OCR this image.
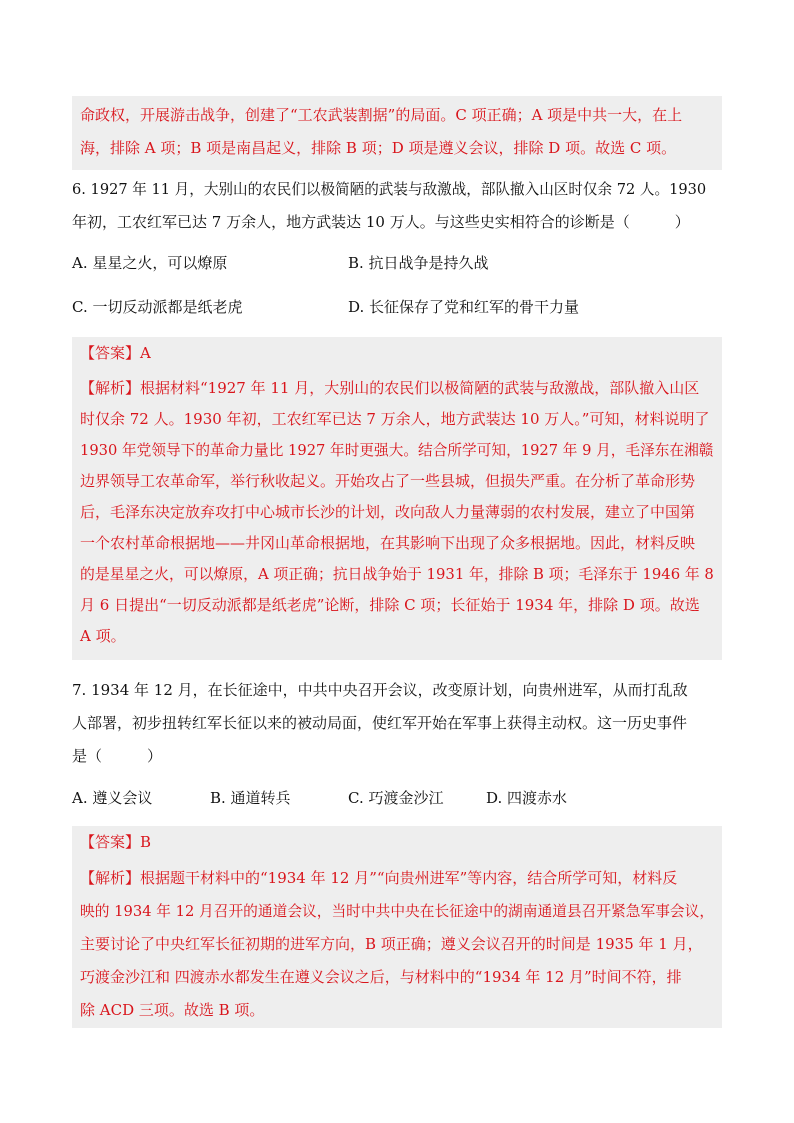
命政权，开展游击战争，创建了“工农武装割据”的局面。C 项正确；A 项是中共一大，在上
海，排除 A 项；B 项是南昌起义，排除 B 项；D 项是遵义会议，排除 D 项。故选 C 项。
6. 1927 年 11 月，大别山的农民们以极简陋的武装与敌激战，部队撤入山区时仅余 72 人。1930
年初，工农红军已达 7 万余人，地方武装达 10 万人。与这些史实相符合的诊断是（　　　）
A. 星星之火，可以燎原	B. 抗日战争是持久战
C. 一切反动派都是纸老虎	D. 长征保存了党和红军的骨干力量
【答案】A
【解析】根据材料“1927 年 11 月，大别山的农民们以极简陋的武装与敌激战，部队撤入山区
时仅余 72 人。1930 年初，工农红军已达 7 万余人，地方武装达 10 万人。”可知，材料说明了
1930 年党领导下的革命力量比 1927 年时更强大。结合所学可知，1927 年 9 月，毛泽东在湘赣
边界领导工农革命军，举行秋收起义。开始攻占了一些县城，但损失严重。在分析了革命形势
后，毛泽东决定放弃攻打中心城市长沙的计划，改向敌人力量薄弱的农村发展，建立了中国第
一个农村革命根据地——井冈山革命根据地，在其影响下出现了众多根据地。因此，材料反映
的是星星之火，可以燎原，A 项正确；抗日战争始于 1931 年，排除 B 项；毛泽东于 1946 年 8
月 6 日提出“一切反动派都是纸老虎”论断，排除 C 项；长征始于 1934 年，排除 D 项。故选
A 项。
7. 1934 年 12 月，在长征途中，中共中央召开会议，改变原计划，向贵州进军，从而打乱敌
人部署，初步扭转红军长征以来的被动局面，使红军开始在军事上获得主动权。这一历史事件
是（　　　）
A. 遵义会议	B. 通道转兵	C. 巧渡金沙江	D. 四渡赤水
【答案】B
【解析】根据题干材料中的“1934 年 12 月”“向贵州进军”等内容，结合所学可知，材料反
映的 1934 年 12 月召开的通道会议，当时中共中央在长征途中的湖南通道县召开紧急军事会议，
主要讨论了中央红军长征初期的进军方向，B 项正确；遵义会议召开的时间是 1935 年 1 月，
巧渡金沙江和 四渡赤水都发生在遵义会议之后，与材料中的“1934 年 12 月”时间不符，排
除 ACD 三项。故选 B 项。
